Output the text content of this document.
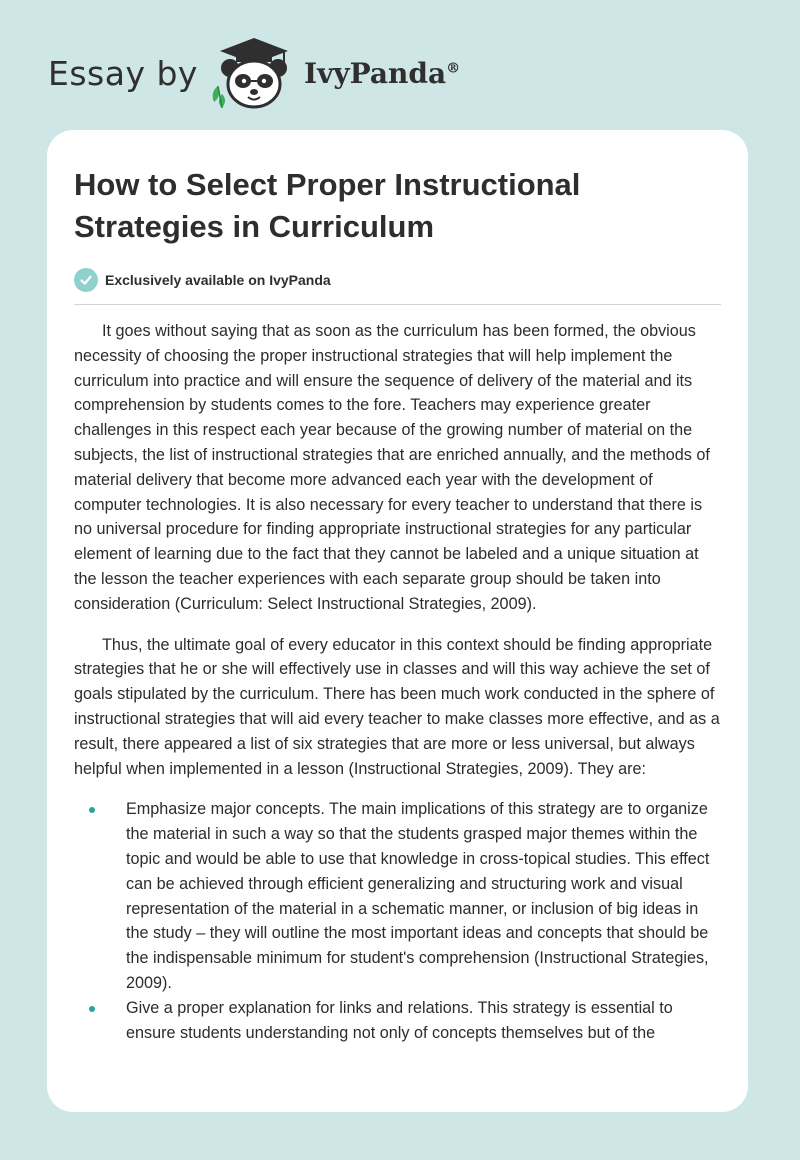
Essay by	IvyPanda®
How to Select Proper Instructional Strategies in Curriculum
Exclusively available on IvyPanda

It goes without saying that as soon as the curriculum has been formed, the obvious necessity of choosing the proper instructional strategies that will help implement the curriculum into practice and will ensure the sequence of delivery of the material and its comprehension by students comes to the fore. Teachers may experience greater challenges in this respect each year because of the growing number of material on the subjects, the list of instructional strategies that are enriched annually, and the methods of material delivery that become more advanced each year with the development of computer technologies. It is also necessary for every teacher to understand that there is no universal procedure for finding appropriate instructional strategies for any particular element of learning due to the fact that they cannot be labeled and a unique situation at the lesson the teacher experiences with each separate group should be taken into consideration (Curriculum: Select Instructional Strategies, 2009).

Thus, the ultimate goal of every educator in this context should be finding appropriate strategies that he or she will effectively use in classes and will this way achieve the set of goals stipulated by the curriculum. There has been much work conducted in the sphere of instructional strategies that will aid every teacher to make classes more effective, and as a result, there appeared a list of six strategies that are more or less universal, but always helpful when implemented in a lesson (Instructional Strategies, 2009). They are:

Emphasize major concepts. The main implications of this strategy are to organize the material in such a way so that the students grasped major themes within the topic and would be able to use that knowledge in cross-topical studies. This effect can be achieved through efficient generalizing and structuring work and visual representation of the material in a schematic manner, or inclusion of big ideas in the study – they will outline the most important ideas and concepts that should be the indispensable minimum for student's comprehension (Instructional Strategies, 2009).
Give a proper explanation for links and relations. This strategy is essential to ensure students understanding not only of concepts themselves but of the
